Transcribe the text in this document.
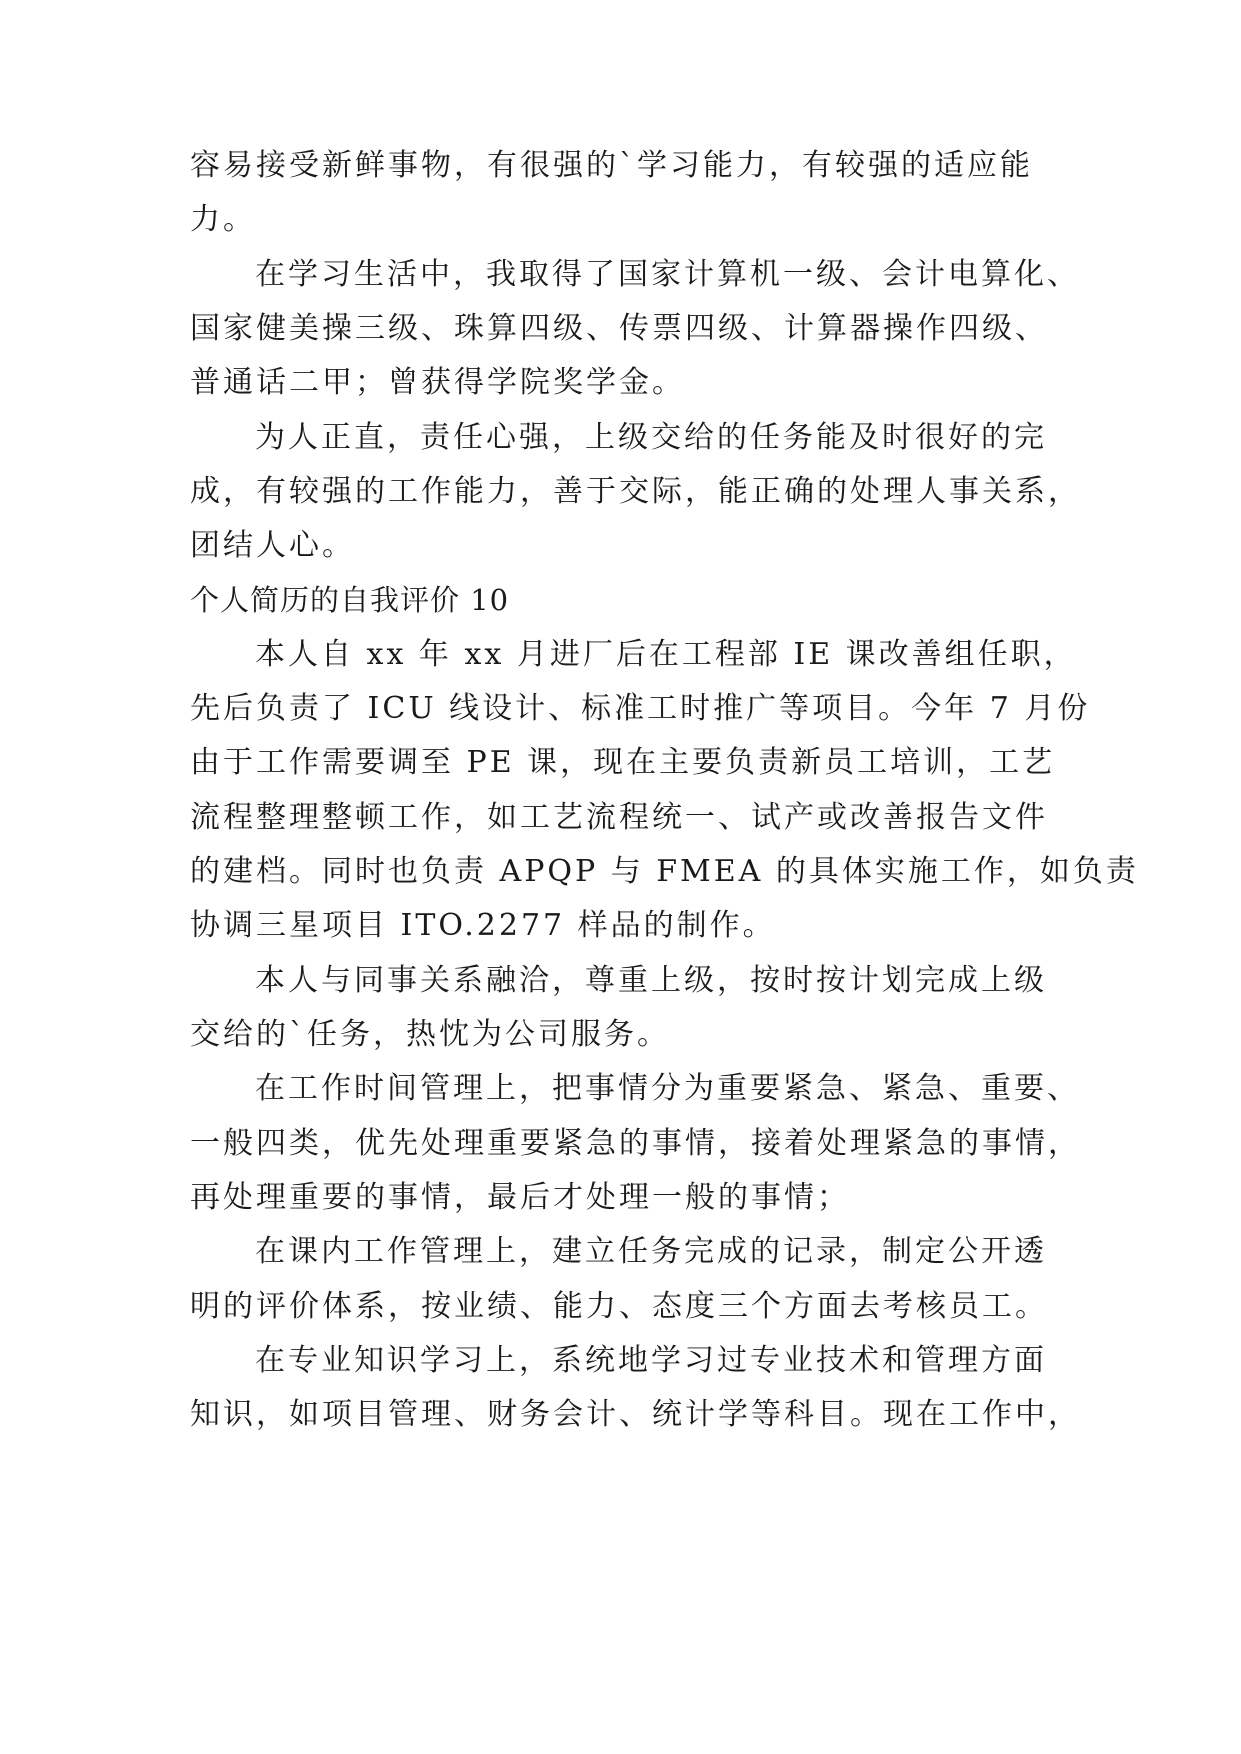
容易接受新鲜事物，有很强的`学习能力，有较强的适应能
力。
在学习生活中，我取得了国家计算机一级、会计电算化、
国家健美操三级、珠算四级、传票四级、计算器操作四级、
普通话二甲；曾获得学院奖学金。
为人正直，责任心强，上级交给的任务能及时很好的完
成，有较强的工作能力，善于交际，能正确的处理人事关系，
团结人心。
个人简历的自我评价 10
本人自 xx 年 xx 月进厂后在工程部 IE 课改善组任职，
先后负责了 ICU 线设计、标准工时推广等项目。今年 7 月份
由于工作需要调至 PE 课，现在主要负责新员工培训，工艺
流程整理整顿工作，如工艺流程统一、试产或改善报告文件
的建档。同时也负责 APQP 与 FMEA 的具体实施工作，如负责
协调三星项目 ITO.2277 样品的制作。
本人与同事关系融洽，尊重上级，按时按计划完成上级
交给的`任务，热忱为公司服务。
在工作时间管理上，把事情分为重要紧急、紧急、重要、
一般四类，优先处理重要紧急的事情，接着处理紧急的事情，
再处理重要的事情，最后才处理一般的事情；
在课内工作管理上，建立任务完成的记录，制定公开透
明的评价体系，按业绩、能力、态度三个方面去考核员工。
在专业知识学习上，系统地学习过专业技术和管理方面
知识，如项目管理、财务会计、统计学等科目。现在工作中，
